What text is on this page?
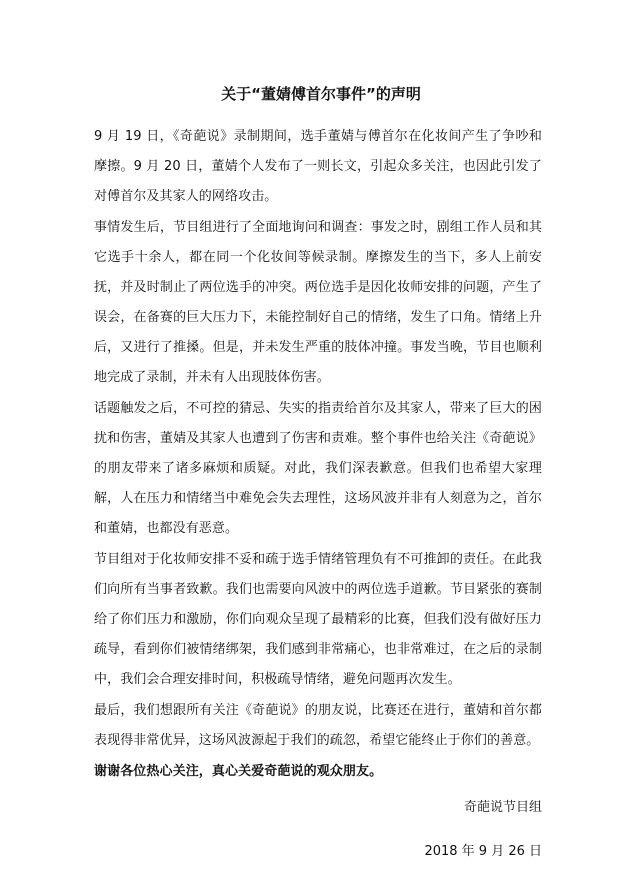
关于“董婧傅首尔事件”的声明

9 月 19 日，《奇葩说》录制期间，选手董婧与傅首尔在化妆间产生了争吵和摩擦。9 月 20 日，董婧个人发布了一则长文，引起众多关注，也因此引发了对傅首尔及其家人的网络攻击。

事情发生后，节目组进行了全面地询问和调查：事发之时，剧组工作人员和其它选手十余人，都在同一个化妆间等候录制。摩擦发生的当下，多人上前安抚，并及时制止了两位选手的冲突。两位选手是因化妆师安排的问题，产生了误会，在备赛的巨大压力下，未能控制好自己的情绪，发生了口角。情绪上升后，又进行了推搡。但是，并未发生严重的肢体冲撞。事发当晚，节目也顺利地完成了录制，并未有人出现肢体伤害。

话题触发之后，不可控的猜忌、失实的指责给首尔及其家人，带来了巨大的困扰和伤害，董婧及其家人也遭到了伤害和责难。整个事件也给关注《奇葩说》的朋友带来了诸多麻烦和质疑。对此，我们深表歉意。但我们也希望大家理解，人在压力和情绪当中难免会失去理性，这场风波并非有人刻意为之，首尔和董婧，也都没有恶意。

节目组对于化妆师安排不妥和疏于选手情绪管理负有不可推卸的责任。在此我们向所有当事者致歉。我们也需要向风波中的两位选手道歉。节目紧张的赛制给了你们压力和激励，你们向观众呈现了最精彩的比赛，但我们没有做好压力疏导，看到你们被情绪绑架，我们感到非常痛心，也非常难过，在之后的录制中，我们会合理安排时间，积极疏导情绪，避免问题再次发生。

最后，我们想跟所有关注《奇葩说》的朋友说，比赛还在进行，董婧和首尔都表现得非常优异，这场风波源起于我们的疏忽，希望它能终止于你们的善意。

谢谢各位热心关注，真心关爱奇葩说的观众朋友。

奇葩说节目组

2018 年 9 月 26 日
